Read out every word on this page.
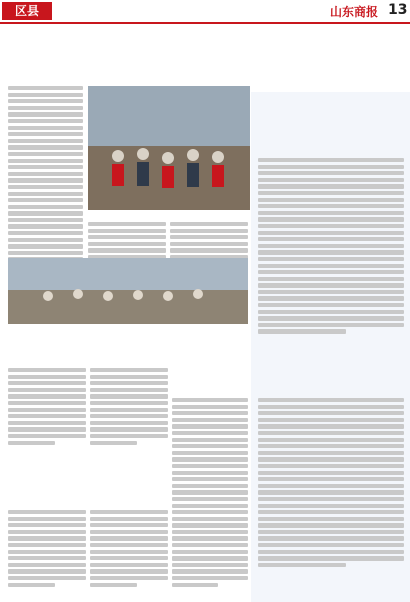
区县	山东商报 13
